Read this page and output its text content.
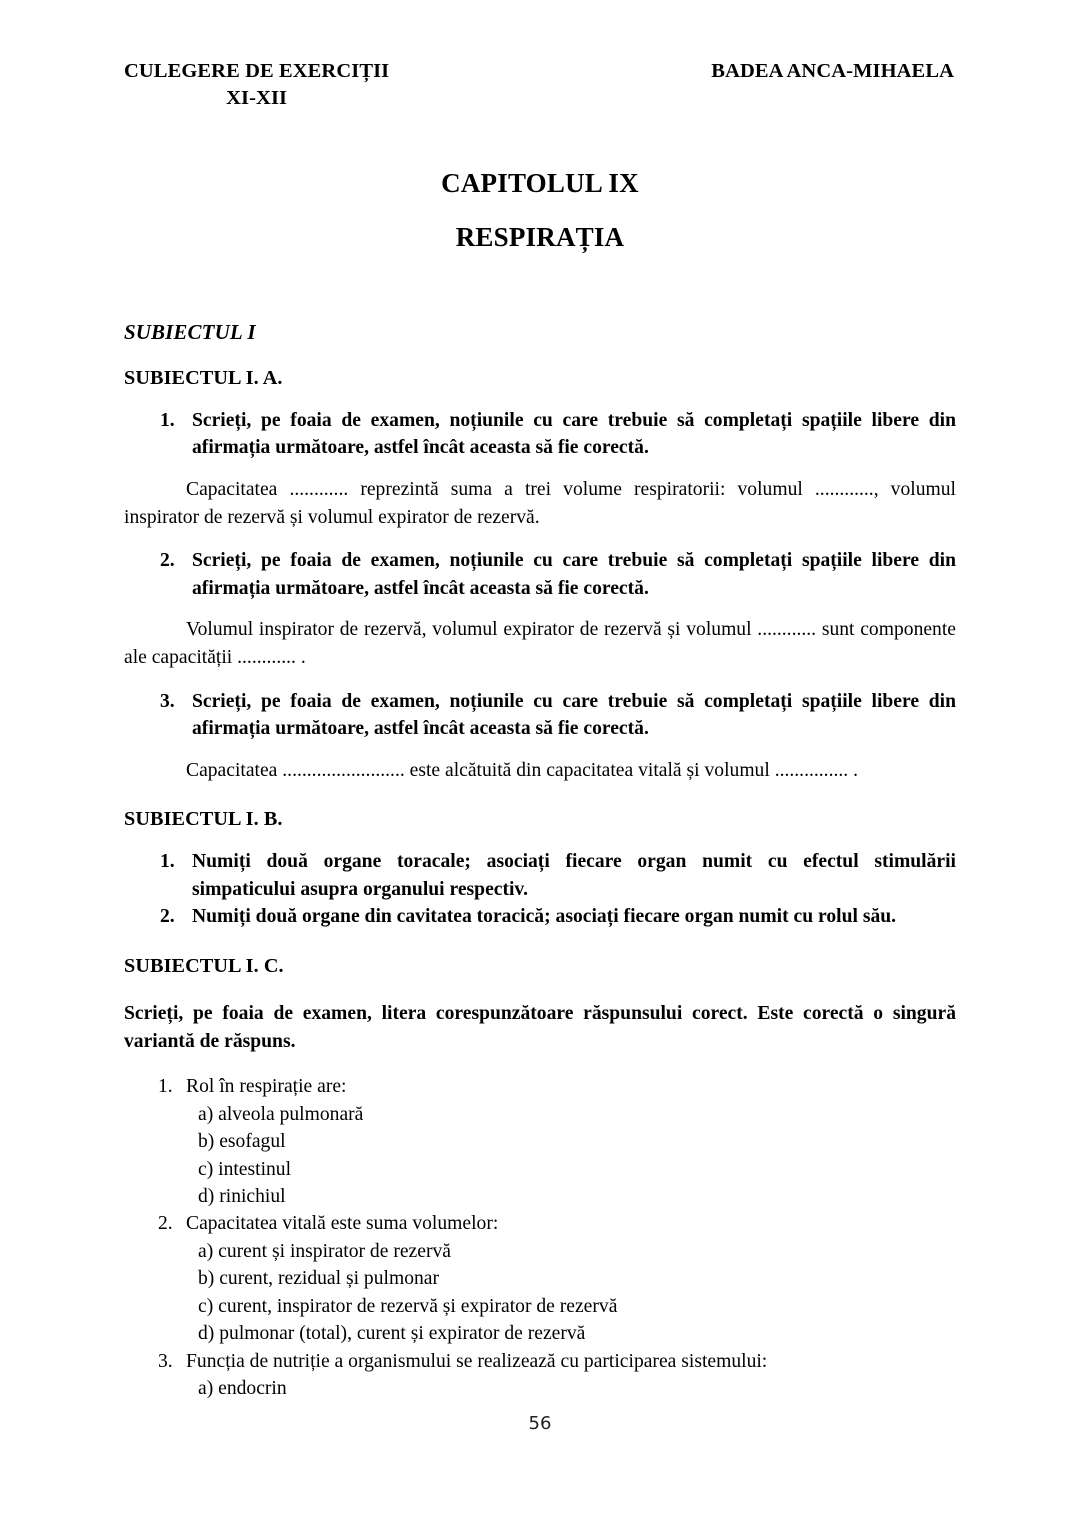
CULEGERE DE EXERCIȚII
XI-XII
BADEA ANCA-MIHAELA
CAPITOLUL IX
RESPIRAȚIA
SUBIECTUL I
SUBIECTUL I. A.
1. Scrieți, pe foaia de examen, noțiunile cu care trebuie să completați spațiile libere din afirmația următoare, astfel încât aceasta să fie corectă.

Capacitatea ............ reprezintă suma a trei volume respiratorii: volumul ............, volumul inspirator de rezervă și volumul expirator de rezervă.

2. Scrieți, pe foaia de examen, noțiunile cu care trebuie să completați spațiile libere din afirmația următoare, astfel încât aceasta să fie corectă.

Volumul inspirator de rezervă, volumul expirator de rezervă și volumul ............ sunt componente ale capacității ............ .

3. Scrieți, pe foaia de examen, noțiunile cu care trebuie să completați spațiile libere din afirmația următoare, astfel încât aceasta să fie corectă.

Capacitatea ......................... este alcătuită din capacitatea vitală și volumul ............... .

SUBIECTUL I. B.
1. Numiți două organe toracale; asociați fiecare organ numit cu efectul stimulării simpaticului asupra organului respectiv.
2. Numiți două organe din cavitatea toracică; asociați fiecare organ numit cu rolul său.
SUBIECTUL I. C.

Scrieți, pe foaia de examen, litera corespunzătoare răspunsului corect. Este corectă o singură variantă de răspuns.

1. Rol în respirație are:
a) alveola pulmonară
b) esofagul
c) intestinul
d) rinichiul
2. Capacitatea vitală este suma volumelor:
a) curent și inspirator de rezervă
b) curent, rezidual și pulmonar
c) curent, inspirator de rezervă și expirator de rezervă
d) pulmonar (total), curent și expirator de rezervă
3. Funcția de nutriție a organismului se realizează cu participarea sistemului:
a) endocrin
56
